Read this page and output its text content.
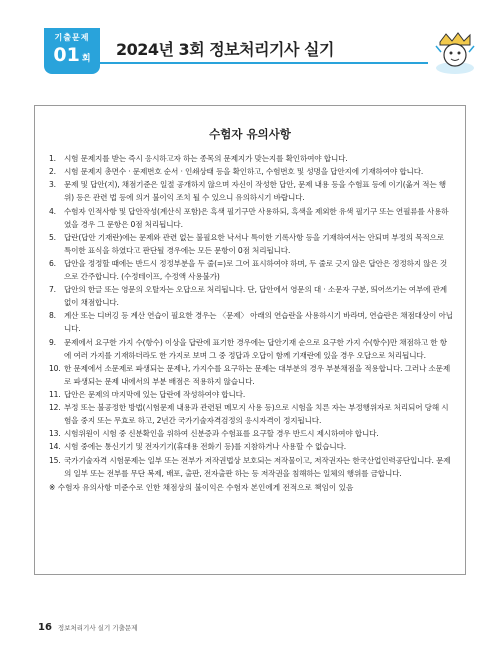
기출문제
01 회	2024년 3회 정보처리기사 실기
수험자 유의사항
1.	시험 문제지를 받는 즉시 응시하고자 하는 종목의 문제지가 맞는지를 확인하여야 합니다.
2.	시험 문제지 총면수 · 문제번호 순서 · 인쇄상태 등을 확인하고, 수험번호 및 성명을 답안지에 기재하여야 합니다.
3.	문제 및 답안(지), 채점기준은 일절 공개하지 않으며 자신이 작성한 답안, 문제 내용 등을 수험표 등에 이기(옮겨 적는 행위) 등은 관련 법 등에 의거 불이익 조치 될 수 있으니 유의하시기 바랍니다.
4.	수험자 인적사항 및 답안작성(계산식 포함)은 흑색 필기구만 사용하되, 흑색을 제외한 유색 필기구 또는 연필류를 사용하였을 경우 그 문항은 0점 처리됩니다.
5.	답란(답안 기재란)에는 문제와 관련 없는 불필요한 낙서나 특이한 기록사항 등을 기재하여서는 안되며 부정의 목적으로 특이한 표식을 하였다고 판단될 경우에는 모든 문항이 0점 처리됩니다.
6.	답안을 정정할 때에는 반드시 정정부분을 두 줄(=)로 그어 표시하여야 하며, 두 줄로 긋지 않은 답안은 정정하지 않은 것으로 간주합니다. (수정테이프, 수정액 사용불가)
7.	답안의 한글 또는 영문의 오탈자는 오답으로 처리됩니다. 단, 답안에서 영문의 대 · 소문자 구분, 띄어쓰기는 여부에 관계 없이 채점합니다.
8.	계산 또는 디버깅 등 계산 연습이 필요한 경우는 〈문제〉 아래의 연습란을 사용하시기 바라며, 연습란은 채점대상이 아닙니다.
9.	문제에서 요구한 가지 수(항수) 이상을 답란에 표기한 경우에는 답안기재 순으로 요구한 가지 수(항수)만 채점하고 한 항에 여러 가지를 기재하더라도 한 가지로 보며 그 중 정답과 오답이 함께 기재란에 있을 경우 오답으로 처리됩니다.
10. 한 문제에서 소문제로 파생되는 문제나, 가지수를 요구하는 문제는 대부분의 경우 부분채점을 적용합니다. 그러나 소문제로 파생되는 문제 내에서의 부분 배점은 적용하지 않습니다.
11. 답안은 문제의 마지막에 있는 답란에 작성하여야 합니다.
12. 부정 또는 불공정한 방법(시험문제 내용과 관련된 메모지 사용 등)으로 시험을 치른 자는 부정행위자로 처리되어 당해 시험을 중지 또는 무효로 하고, 2년간 국가기술자격검정의 응시자격이 정지됩니다.
13. 시험위원이 시험 중 신분확인을 위하여 신분증과 수험표를 요구할 경우 반드시 제시하여야 합니다.
14. 시험 중에는 통신기기 및 전자기기(휴대용 전화기 등)를 지참하거나 사용할 수 없습니다.
15. 국가기술자격 시험문제는 일부 또는 전부가 저작권법상 보호되는 저작물이고, 저작권자는 한국산업인력공단입니다. 문제의 일부 또는 전부를 무단 복제, 배포, 출판, 전자출판 하는 등 저작권을 침해하는 일체의 행위를 금합니다.
※ 수험자 유의사항 미준수로 인한 채점상의 불이익은 수험자 본인에게 전적으로 책임이 있음
16 정보처리기사 실기 기출문제
